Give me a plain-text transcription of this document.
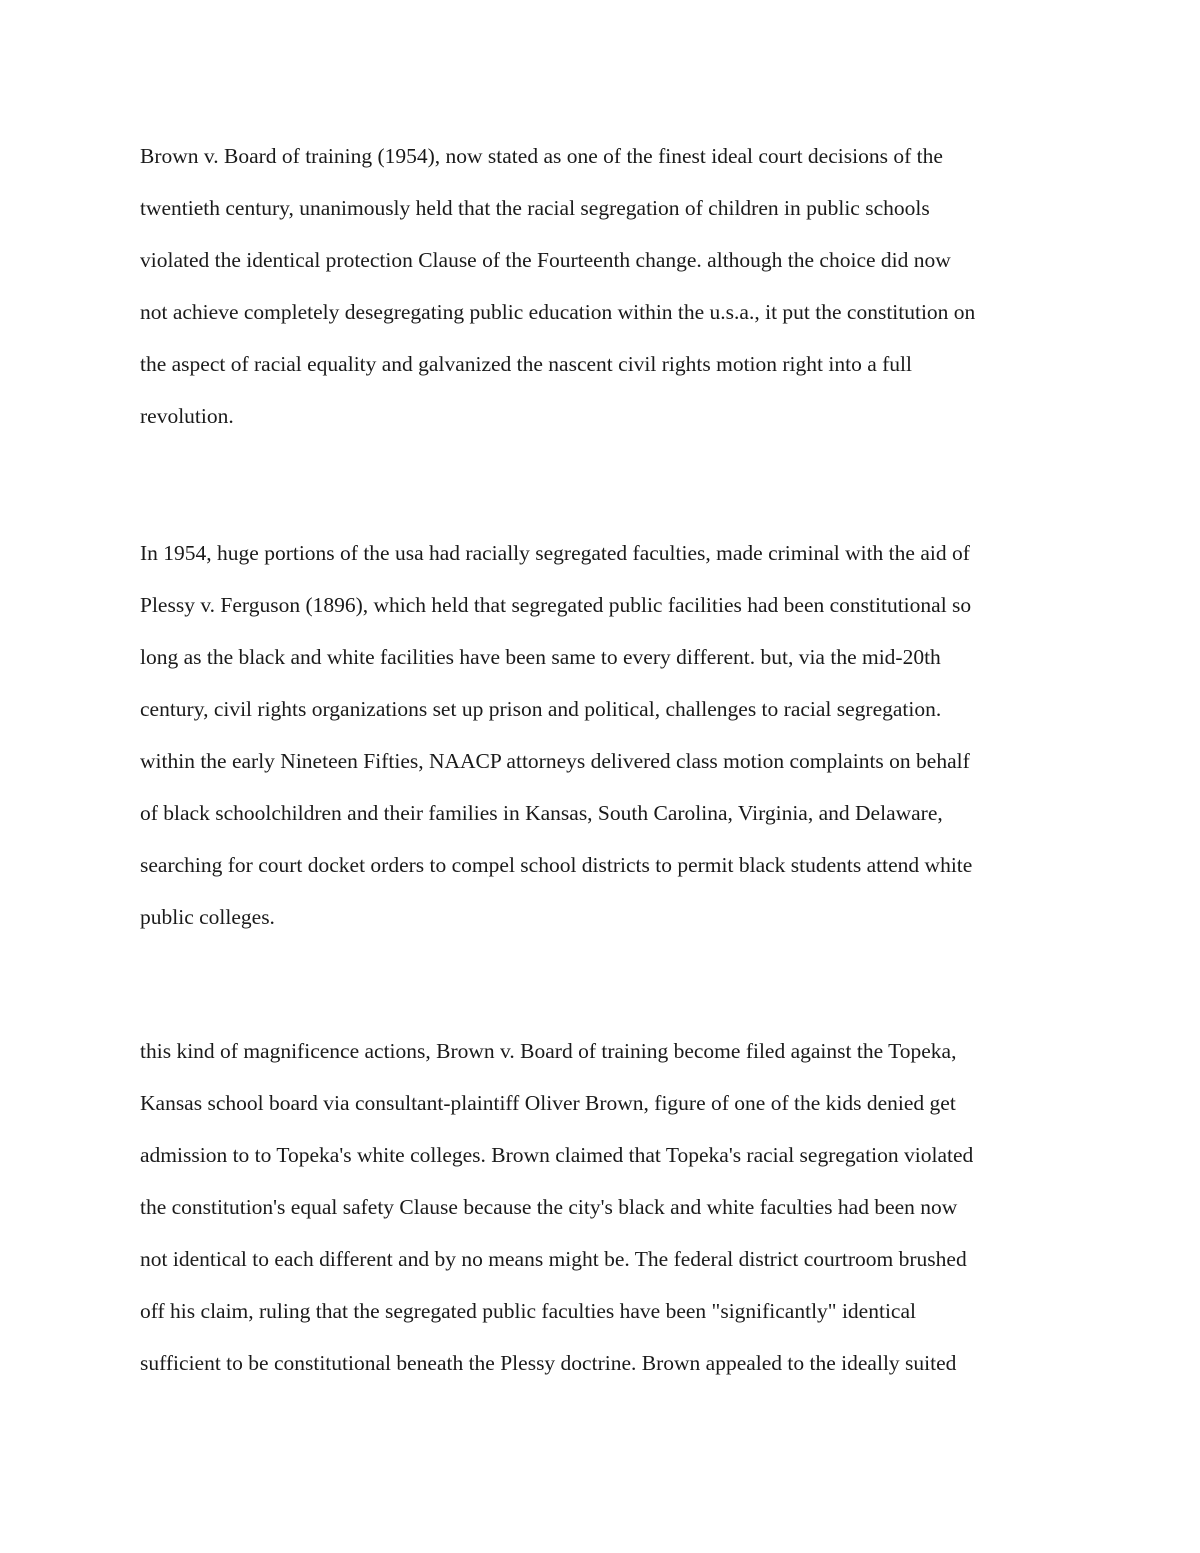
Brown v. Board of training (1954), now stated as one of the finest ideal court decisions of the
twentieth century, unanimously held that the racial segregation of children in public schools
violated the identical protection Clause of the Fourteenth change. although the choice did now
not achieve completely desegregating public education within the u.s.a., it put the constitution on
the aspect of racial equality and galvanized the nascent civil rights motion right into a full
revolution.

In 1954, huge portions of the usa had racially segregated faculties, made criminal with the aid of
Plessy v. Ferguson (1896), which held that segregated public facilities had been constitutional so
long as the black and white facilities have been same to every different. but, via the mid-20th
century, civil rights organizations set up prison and political, challenges to racial segregation.
within the early Nineteen Fifties, NAACP attorneys delivered class motion complaints on behalf
of black schoolchildren and their families in Kansas, South Carolina, Virginia, and Delaware,
searching for court docket orders to compel school districts to permit black students attend white
public colleges.

this kind of magnificence actions, Brown v. Board of training become filed against the Topeka,
Kansas school board via consultant-plaintiff Oliver Brown, figure of one of the kids denied get
admission to to Topeka's white colleges. Brown claimed that Topeka's racial segregation violated
the constitution's equal safety Clause because the city's black and white faculties had been now
not identical to each different and by no means might be. The federal district courtroom brushed
off his claim, ruling that the segregated public faculties have been "significantly" identical
sufficient to be constitutional beneath the Plessy doctrine. Brown appealed to the ideally suited
